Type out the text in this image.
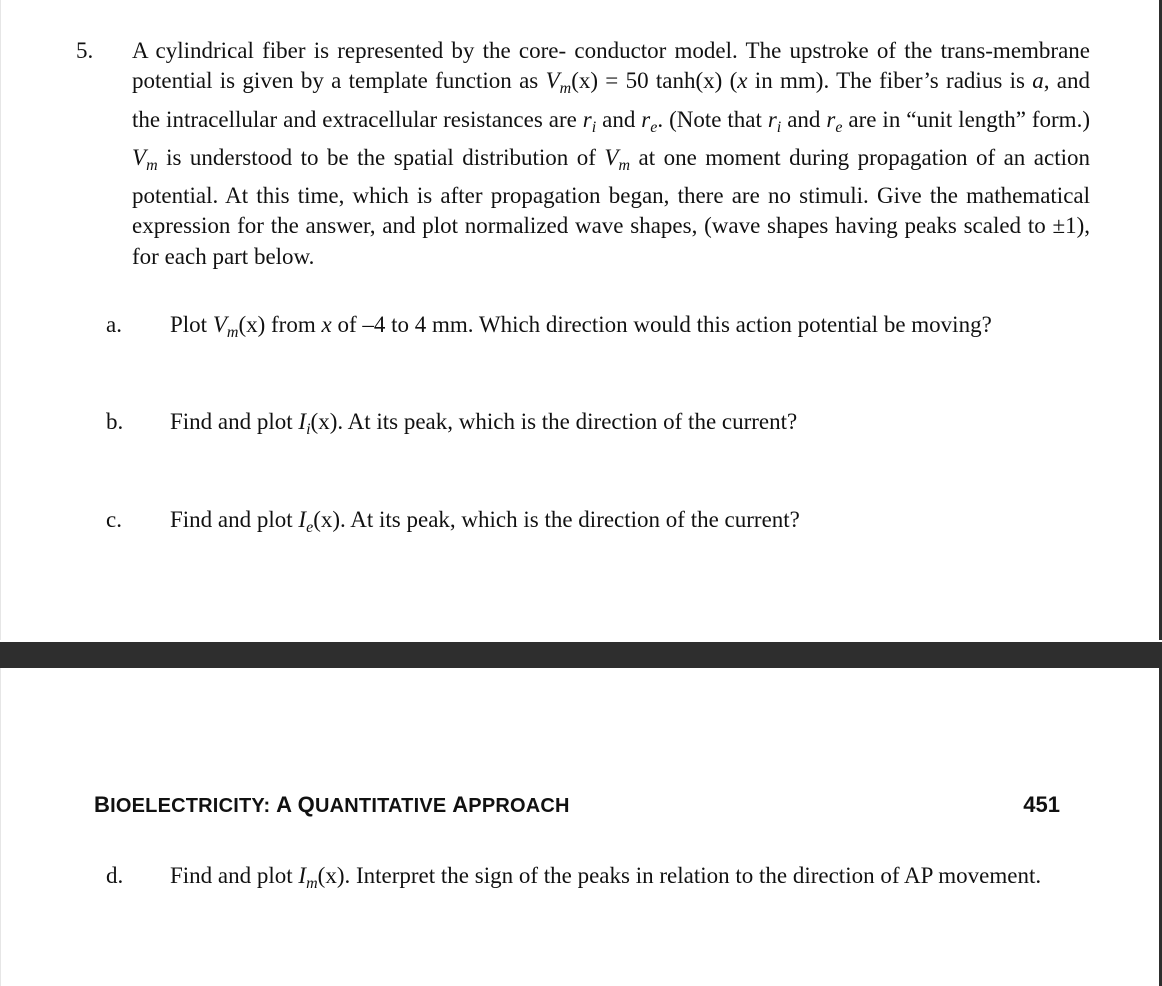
5. A cylindrical fiber is represented by the core- conductor model. The upstroke of the trans-membrane potential is given by a template function as $V_m(x) = 50$ tanh(x) (x in mm). The fiber’s radius is a, and the intracellular and extracellular resistances are $r_i$ and $r_e$. (Note that $r_i$ and $r_e$ are in “unit length” form.) $V_m$ is understood to be the spatial distribution of $V_m$ at one moment during propagation of an action potential. At this time, which is after propagation began, there are no stimuli. Give the mathematical expression for the answer, and plot normalized wave shapes, (wave shapes having peaks scaled to ±1), for each part below.

a. Plot $V_m(x)$ from x of –4 to 4 mm. Which direction would this action potential be moving?

b. Find and plot $I_i(x)$. At its peak, which is the direction of the current?

c. Find and plot $I_e(x)$. At its peak, which is the direction of the current?

BIOELECTRICITY: A QUANTITATIVE APPROACH	451

d. Find and plot $I_m(x)$. Interpret the sign of the peaks in relation to the direction of AP movement.
